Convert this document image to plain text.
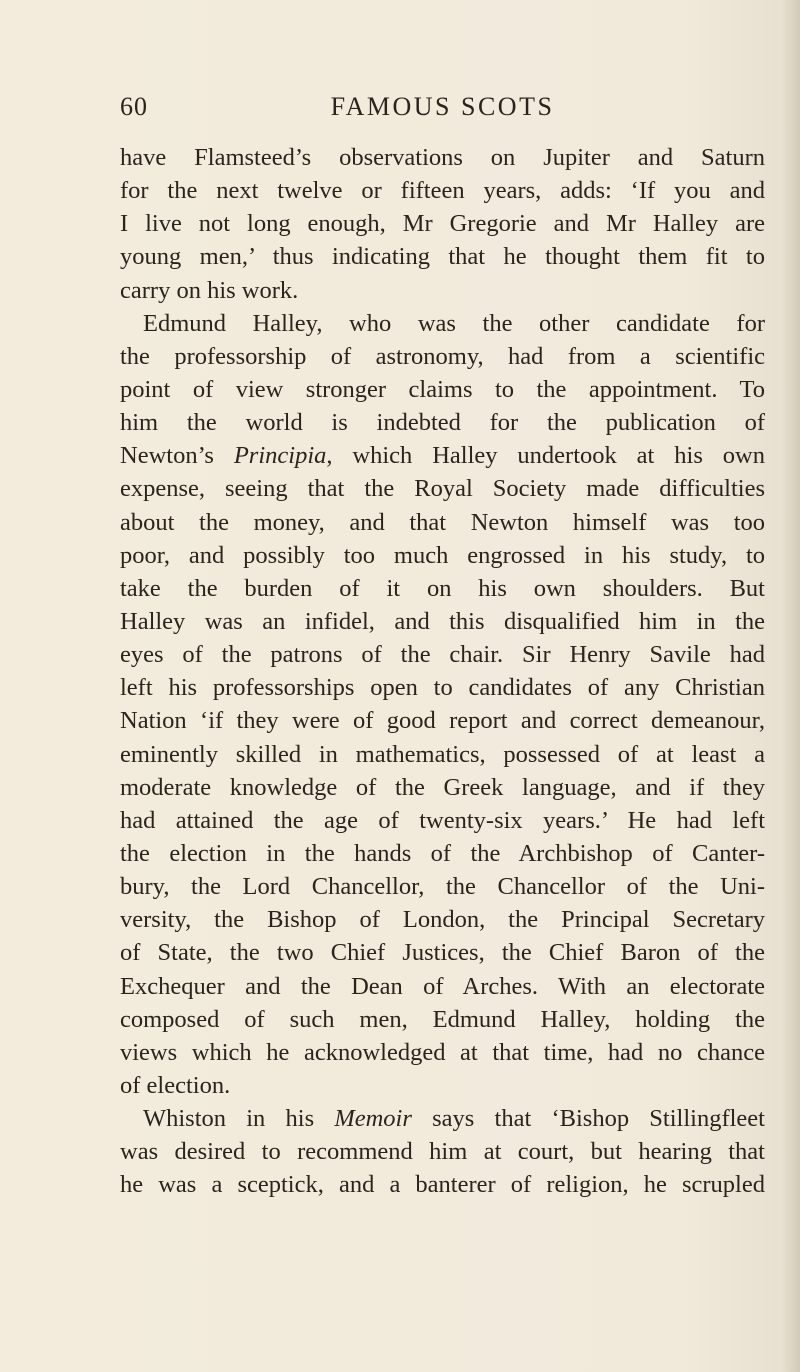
60	FAMOUS SCOTS
have Flamsteed’s observations on Jupiter and Saturn
for the next twelve or fifteen years, adds: ‘If you and
I live not long enough, Mr Gregorie and Mr Halley are
young men,’ thus indicating that he thought them fit to
carry on his work.
Edmund Halley, who was the other candidate for
the professorship of astronomy, had from a scientific
point of view stronger claims to the appointment. To
him the world is indebted for the publication of
Newton’s Principia, which Halley undertook at his own
expense, seeing that the Royal Society made difficulties
about the money, and that Newton himself was too
poor, and possibly too much engrossed in his study, to
take the burden of it on his own shoulders. But
Halley was an infidel, and this disqualified him in the
eyes of the patrons of the chair. Sir Henry Savile had
left his professorships open to candidates of any Christian
Nation ‘if they were of good report and correct demeanour,
eminently skilled in mathematics, possessed of at least a
moderate knowledge of the Greek language, and if they
had attained the age of twenty-six years.’ He had left
the election in the hands of the Archbishop of Canter-
bury, the Lord Chancellor, the Chancellor of the Uni-
versity, the Bishop of London, the Principal Secretary
of State, the two Chief Justices, the Chief Baron of the
Exchequer and the Dean of Arches. With an electorate
composed of such men, Edmund Halley, holding the
views which he acknowledged at that time, had no chance
of election.
Whiston in his Memoir says that ‘Bishop Stillingfleet
was desired to recommend him at court, but hearing that
he was a sceptick, and a banterer of religion, he scrupled
